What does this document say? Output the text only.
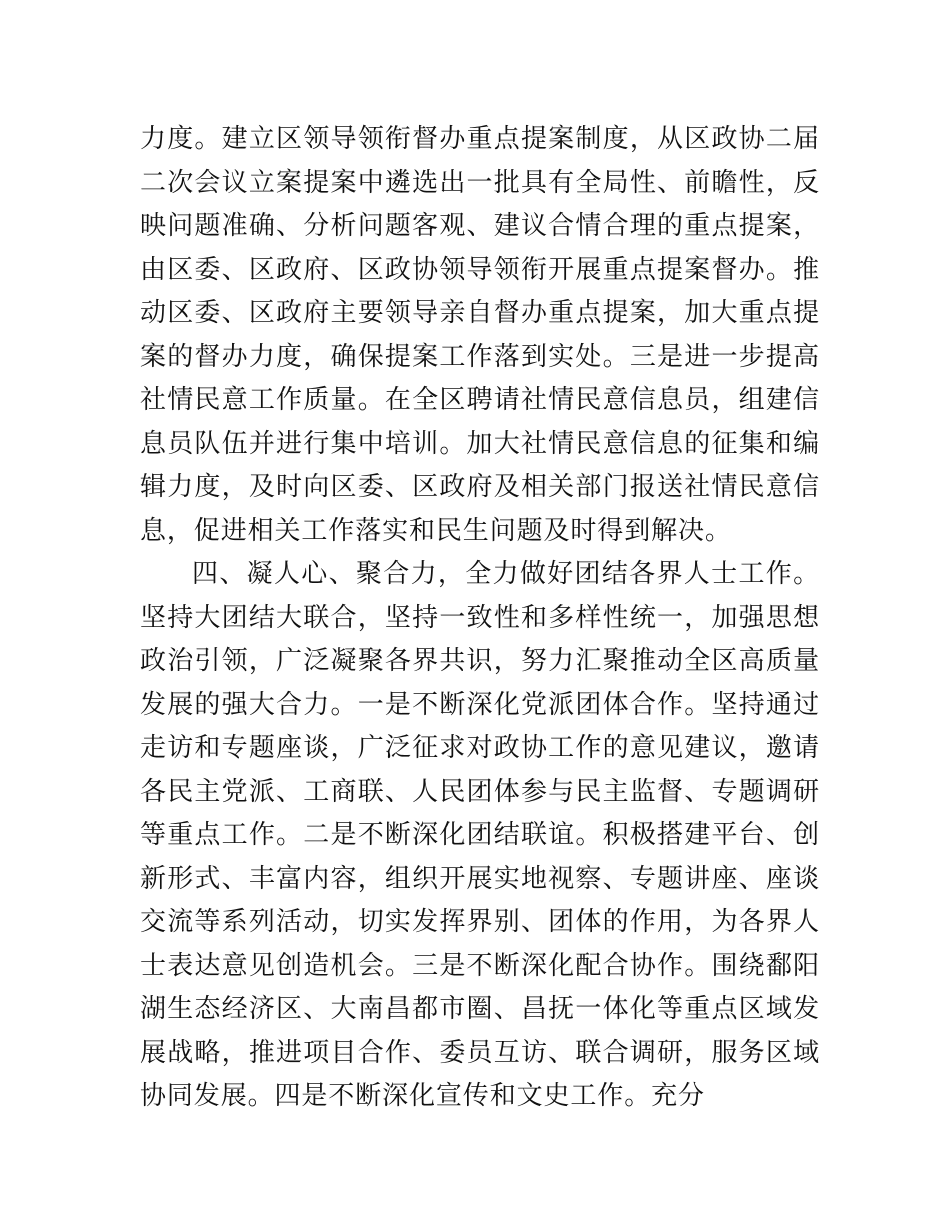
力度。建立区领导领衔督办重点提案制度，从区政协二届二次会议立案提案中遴选出一批具有全局性、前瞻性，反映问题准确、分析问题客观、建议合情合理的重点提案，由区委、区政府、区政协领导领衔开展重点提案督办。推动区委、区政府主要领导亲自督办重点提案，加大重点提案的督办力度，确保提案工作落到实处。三是进一步提高社情民意工作质量。在全区聘请社情民意信息员，组建信息员队伍并进行集中培训。加大社情民意信息的征集和编辑力度，及时向区委、区政府及相关部门报送社情民意信息，促进相关工作落实和民生问题及时得到解决。

四、凝人心、聚合力，全力做好团结各界人士工作。坚持大团结大联合，坚持一致性和多样性统一，加强思想政治引领，广泛凝聚各界共识，努力汇聚推动全区高质量发展的强大合力。一是不断深化党派团体合作。坚持通过走访和专题座谈，广泛征求对政协工作的意见建议，邀请各民主党派、工商联、人民团体参与民主监督、专题调研等重点工作。二是不断深化团结联谊。积极搭建平台、创新形式、丰富内容，组织开展实地视察、专题讲座、座谈交流等系列活动，切实发挥界别、团体的作用，为各界人士表达意见创造机会。三是不断深化配合协作。围绕鄱阳湖生态经济区、大南昌都市圈、昌抚一体化等重点区域发展战略，推进项目合作、委员互访、联合调研，服务区域协同发展。四是不断深化宣传和文史工作。充分
